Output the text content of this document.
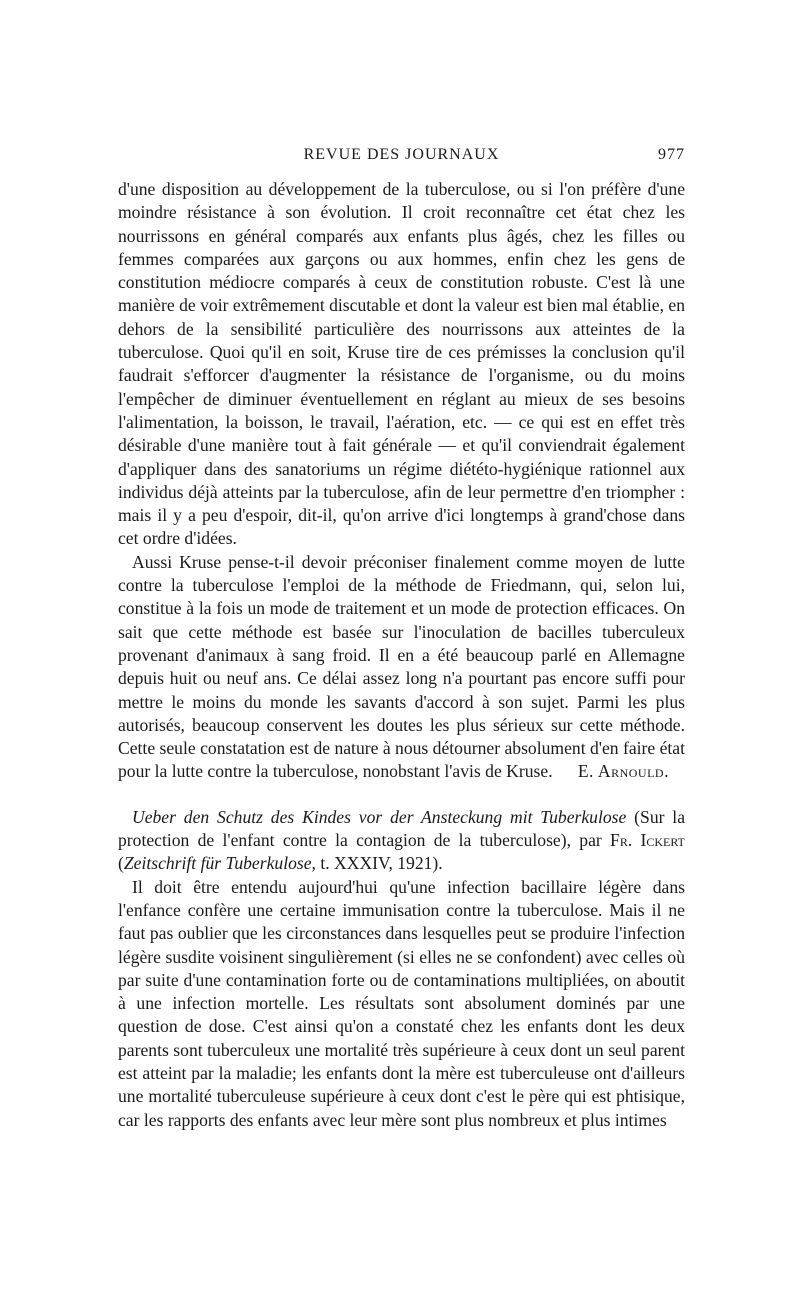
REVUE DES JOURNAUX	977

d'une disposition au développement de la tuberculose, ou si l'on préfère d'une moindre résistance à son évolution. Il croit reconnaître cet état chez les nourrissons en général comparés aux enfants plus âgés, chez les filles ou femmes comparées aux garçons ou aux hommes, enfin chez les gens de constitution médiocre comparés à ceux de constitution robuste. C'est là une manière de voir extrêmement discutable et dont la valeur est bien mal établie, en dehors de la sensibilité particulière des nourrissons aux atteintes de la tuberculose. Quoi qu'il en soit, Kruse tire de ces prémisses la conclusion qu'il faudrait s'efforcer d'augmenter la résistance de l'organisme, ou du moins l'empêcher de diminuer éventuellement en réglant au mieux de ses besoins l'alimentation, la boisson, le travail, l'aération, etc. — ce qui est en effet très désirable d'une manière tout à fait générale — et qu'il conviendrait également d'appliquer dans des sanatoriums un régime diététo-hygiénique rationnel aux individus déjà atteints par la tuberculose, afin de leur permettre d'en triompher : mais il y a peu d'espoir, dit-il, qu'on arrive d'ici longtemps à grand'chose dans cet ordre d'idées.

Aussi Kruse pense-t-il devoir préconiser finalement comme moyen de lutte contre la tuberculose l'emploi de la méthode de Friedmann, qui, selon lui, constitue à la fois un mode de traitement et un mode de protection efficaces. On sait que cette méthode est basée sur l'inoculation de bacilles tuberculeux provenant d'animaux à sang froid. Il en a été beaucoup parlé en Allemagne depuis huit ou neuf ans. Ce délai assez long n'a pourtant pas encore suffi pour mettre le moins du monde les savants d'accord à son sujet. Parmi les plus autorisés, beaucoup conservent les doutes les plus sérieux sur cette méthode. Cette seule constatation est de nature à nous détourner absolument d'en faire état pour la lutte contre la tuberculose, nonobstant l'avis de Kruse.	E. Arnould.

Ueber den Schutz des Kindes vor der Ansteckung mit Tuberkulose (Sur la protection de l'enfant contre la contagion de la tuberculose), par Fr. Ickert (Zeitschrift für Tuberkulose, t. XXXIV, 1921).

Il doit être entendu aujourd'hui qu'une infection bacillaire légère dans l'enfance confère une certaine immunisation contre la tuberculose. Mais il ne faut pas oublier que les circonstances dans lesquelles peut se produire l'infection légère susdite voisinent singulièrement (si elles ne se confondent) avec celles où par suite d'une contamination forte ou de contaminations multipliées, on aboutit à une infection mortelle. Les résultats sont absolument dominés par une question de dose. C'est ainsi qu'on a constaté chez les enfants dont les deux parents sont tuberculeux une mortalité très supérieure à ceux dont un seul parent est atteint par la maladie; les enfants dont la mère est tuberculeuse ont d'ailleurs une mortalité tuberculeuse supérieure à ceux dont c'est le père qui est phtisique, car les rapports des enfants avec leur mère sont plus nombreux et plus intimes
